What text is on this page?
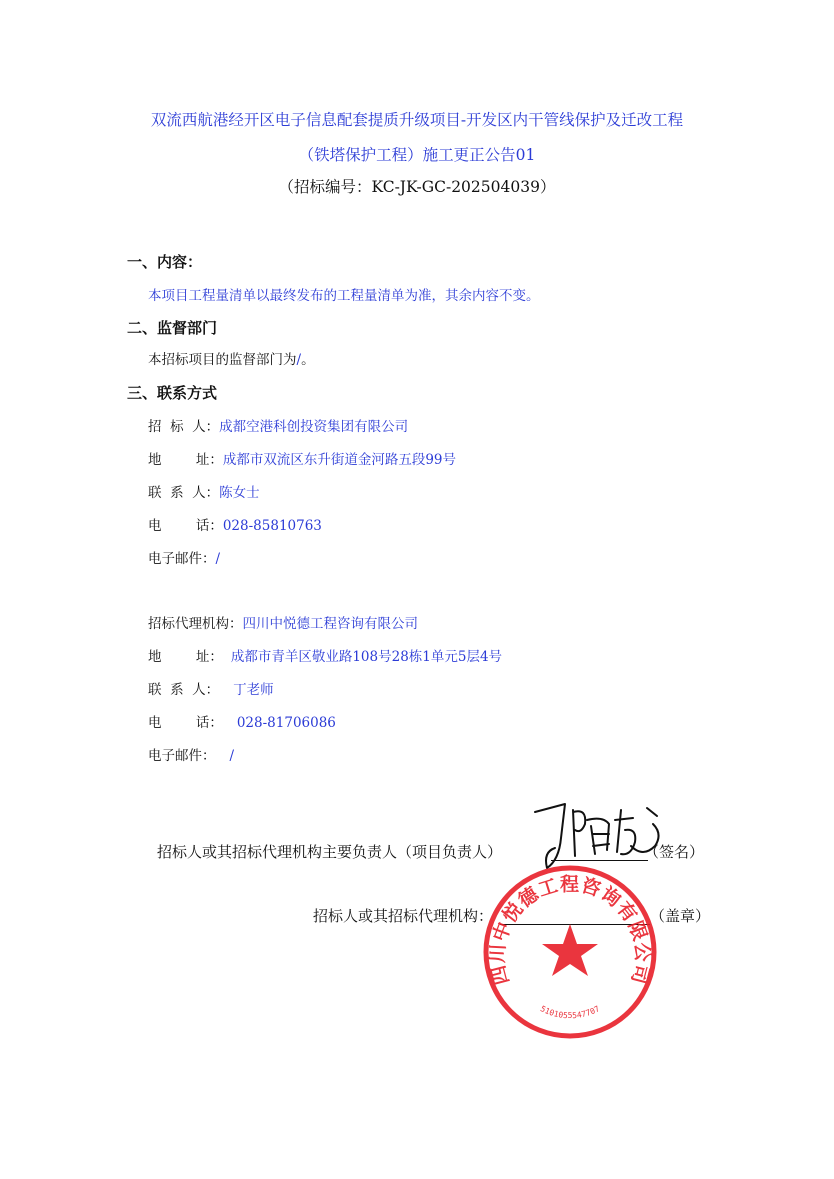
双流西航港经开区电子信息配套提质升级项目-开发区内干管线保护及迁改工程
（铁塔保护工程）施工更正公告01
（招标编号：KC-JK-GC-202504039）
一、内容：
本项目工程量清单以最终发布的工程量清单为准，其余内容不变。
二、监督部门
本招标项目的监督部门为/。
三、联系方式
招  标  人：成都空港科创投资集团有限公司
地        址：成都市双流区东升街道金河路五段99号
联  系  人：陈女士
电        话：028-85810763
电子邮件：/
招标代理机构：四川中悦德工程咨询有限公司
地        址： 成都市青羊区敬业路108号28栋1单元5层4号
联  系  人： 丁老师
电        话： 028-81706086
电子邮件： /
招标人或其招标代理机构主要负责人（项目负责人）	（签名）
招标人或其招标代理机构：	（盖章）
四川中悦德工程咨询有限公司
5101055547707
